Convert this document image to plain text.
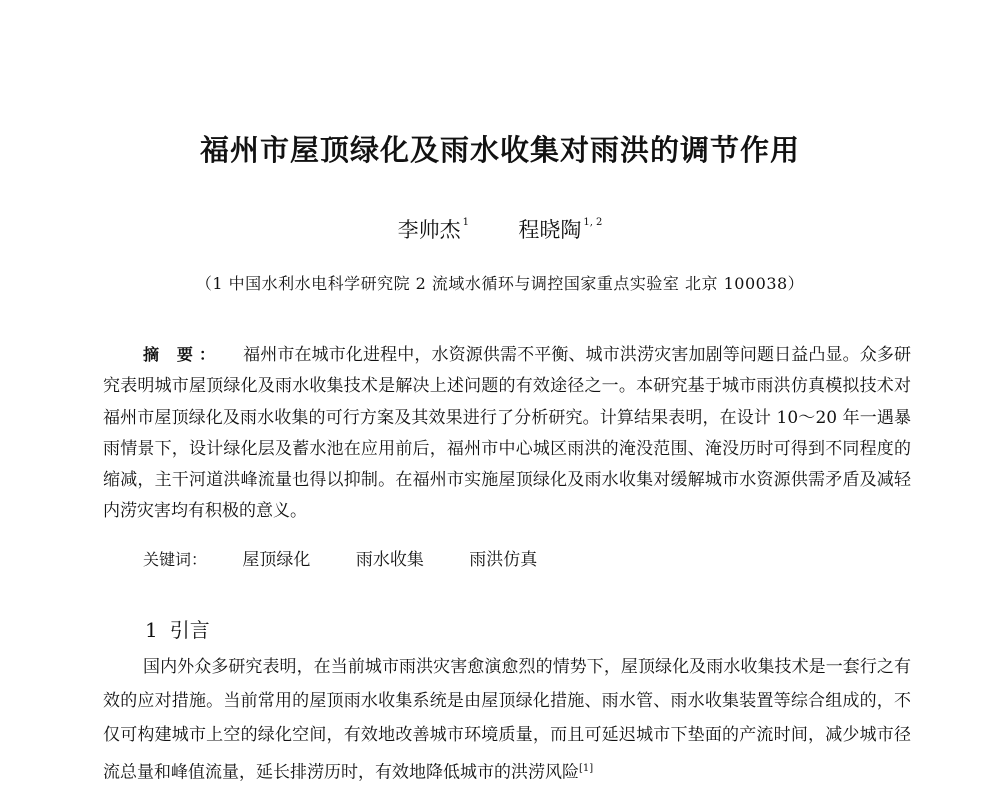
福州市屋顶绿化及雨水收集对雨洪的调节作用
李帅杰 $^1$ 程晓陶 $^{1, 2}$
（1 中国水利水电科学研究院 2 流域水循环与调控国家重点实验室 北京 100038）
摘 要： 福州市在城市化进程中，水资源供需不平衡、城市洪涝灾害加剧等问题日益凸显。众多研究表明城市屋顶绿化及雨水收集技术是解决上述问题的有效途径之一。本研究基于城市雨洪仿真模拟技术对福州市屋顶绿化及雨水收集的可行方案及其效果进行了分析研究。计算结果表明，在设计 10～20 年一遇暴雨情景下，设计绿化层及蓄水池在应用前后，福州市中心城区雨洪的淹没范围、淹没历时可得到不同程度的缩减，主干河道洪峰流量也得以抑制。在福州市实施屋顶绿化及雨水收集对缓解城市水资源供需矛盾及减轻内涝灾害均有积极的意义。
关键词： 屋顶绿化	雨水收集	雨洪仿真
1 引言
国内外众多研究表明，在当前城市雨洪灾害愈演愈烈的情势下，屋顶绿化及雨水收集技术是一套行之有效的应对措施。当前常用的屋顶雨水收集系统是由屋顶绿化措施、雨水管、雨水收集装置等综合组成的，不仅可构建城市上空的绿化空间，有效地改善城市环境质量，而且可延迟城市下垫面的产流时间，减少城市径流总量和峰值流量，延长排涝历时，有效地降低城市的洪涝风险[1]
